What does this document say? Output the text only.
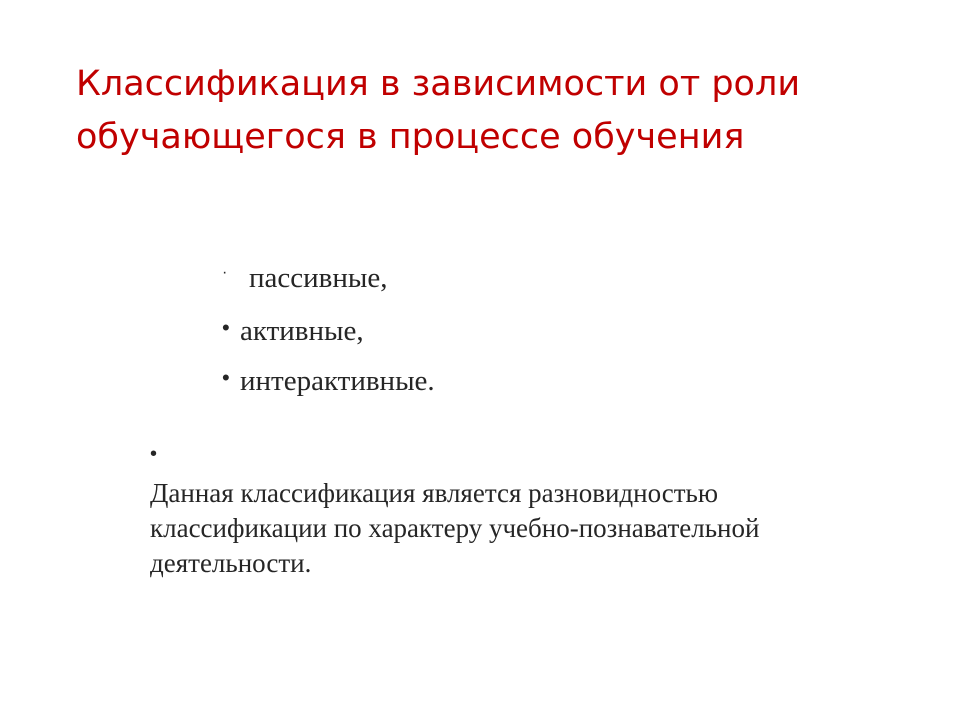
Классификация в зависимости от роли
обучающегося в процессе обучения
· пассивные,
• активные,
• интерактивные.

•
Данная классификация является разновидностью
классификации по характеру учебно-познавательной
деятельности.
